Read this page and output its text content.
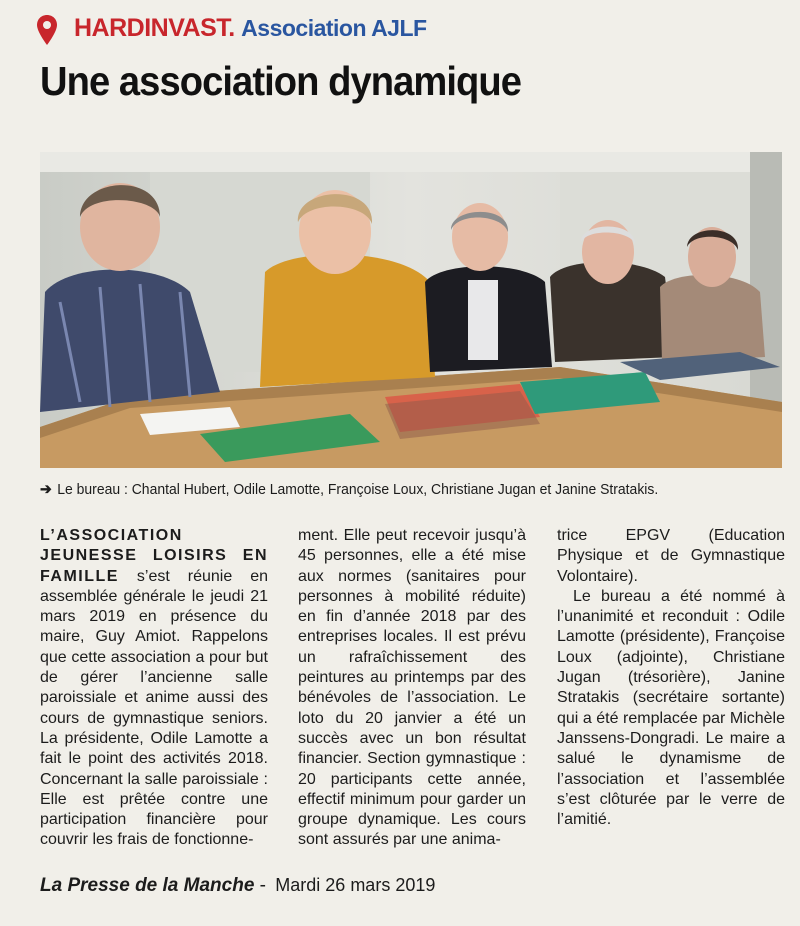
HARDINVAST. Association AJLF
Une association dynamique
➔ Le bureau : Chantal Hubert, Odile Lamotte, Françoise Loux, Christiane Jugan et Janine Stratakis.

L’ASSOCIATION JEUNESSE LOISIRS EN FAMILLE s’est réunie en assemblée générale le jeudi 21 mars 2019 en présence du maire, Guy Amiot. Rappelons que cette association a pour but de gérer l’ancienne salle paroissiale et anime aussi des cours de gymnastique seniors. La présidente, Odile Lamotte a fait le point des activités 2018. Concernant la salle paroissiale : Elle est prêtée contre une participation financière pour couvrir les frais de fonctionne-

ment. Elle peut recevoir jusqu’à 45 personnes, elle a été mise aux normes (sanitaires pour personnes à mobilité réduite) en fin d’année 2018 par des entreprises locales. Il est prévu un rafraîchissement des peintures au printemps par des bénévoles de l’association. Le loto du 20 janvier a été un succès avec un bon résultat financier. Section gymnastique : 20 participants cette année, effectif minimum pour garder un groupe dynamique. Les cours sont assurés par une anima-

trice EPGV (Education Physique et de Gymnastique Volontaire).

Le bureau a été nommé à l’unanimité et reconduit : Odile Lamotte (présidente), Françoise Loux (adjointe), Christiane Jugan (trésorière), Janine Stratakis (secrétaire sortante) qui a été remplacée par Michèle Janssens-Dongradi. Le maire a salué le dynamisme de l’association et l’assemblée s’est clôturée par le verre de l’amitié.

La Presse de la Manche - Mardi 26 mars 2019
